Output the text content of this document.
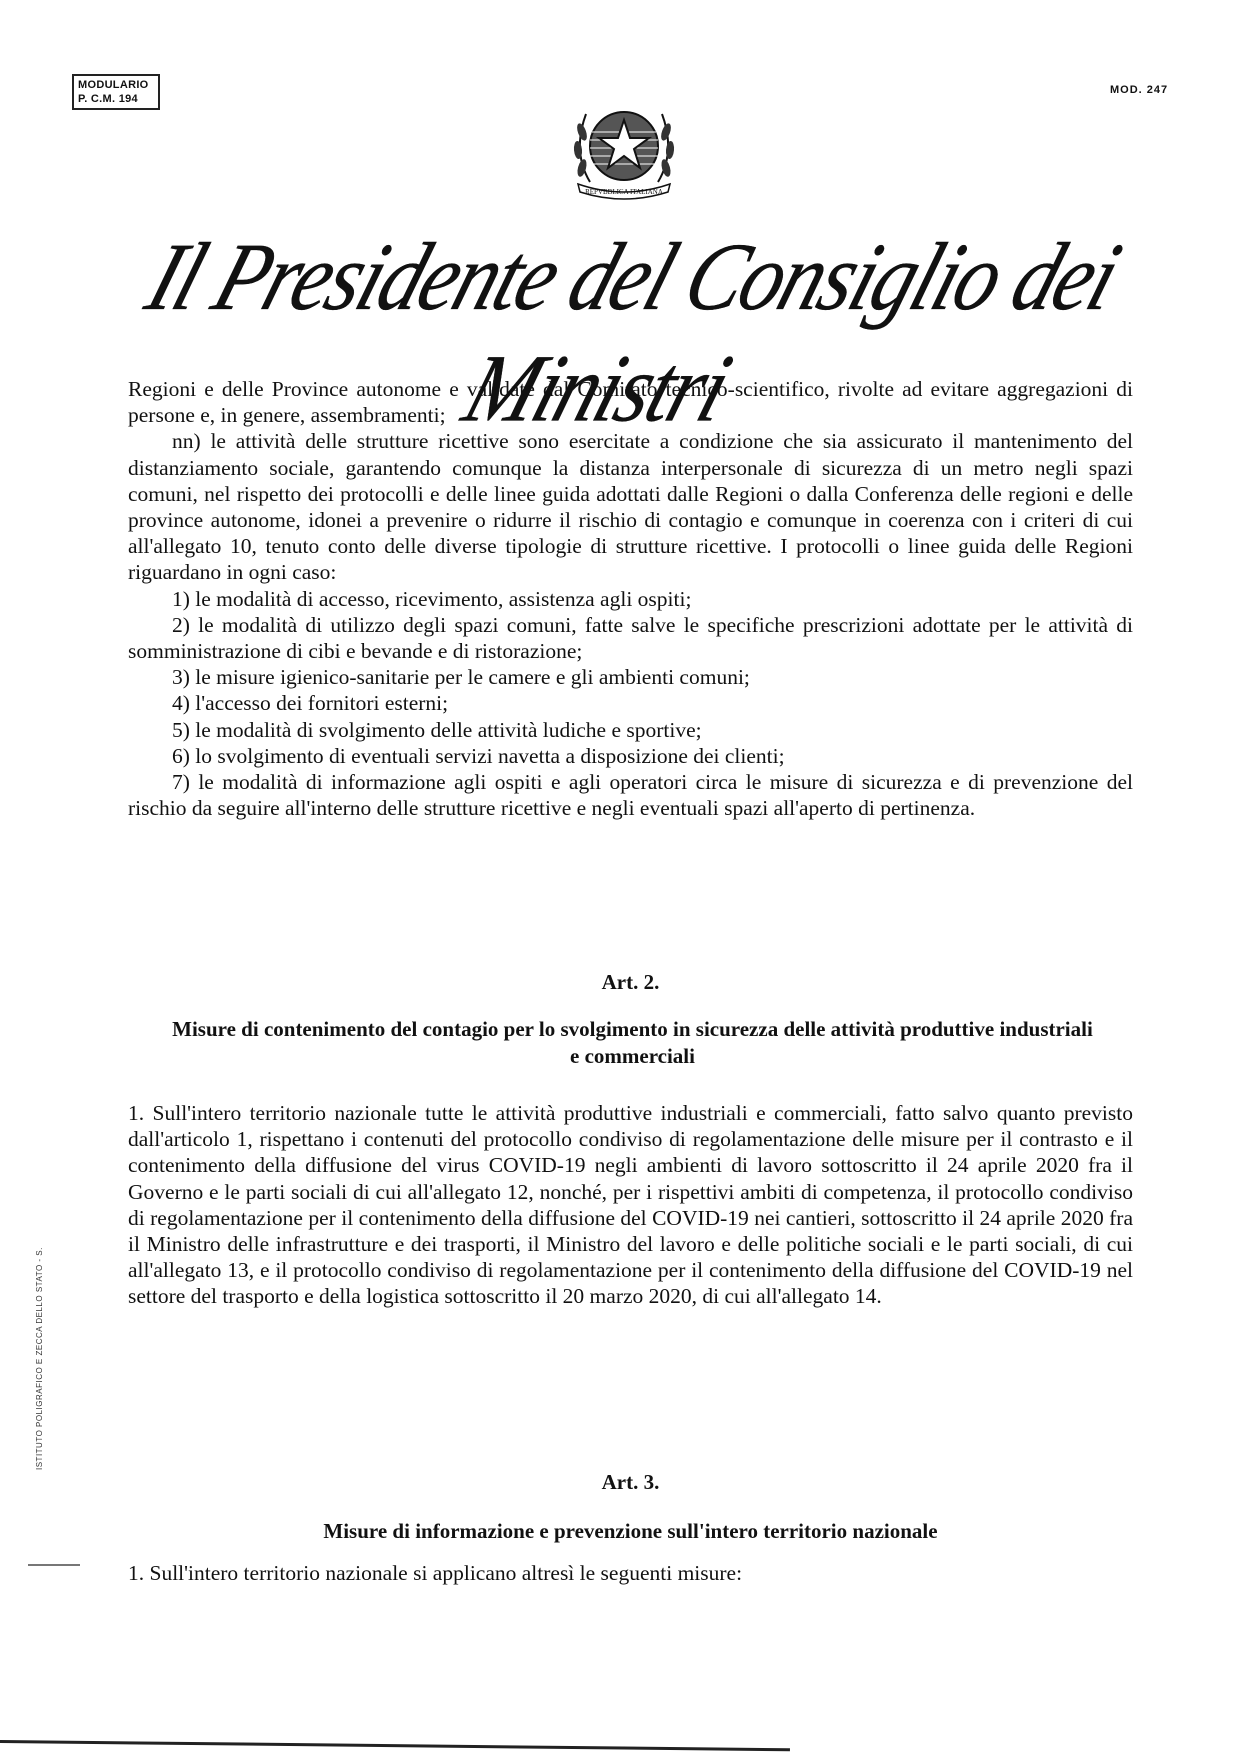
MODULARIO
P. C.M. 194
MOD. 247
REPVBBLICA ITALIANA
Il Presidente del Consiglio dei Ministri

Regioni e delle Province autonome e validate dal Comitato tecnico-scientifico, rivolte ad evitare aggregazioni di persone e, in genere, assembramenti;

nn) le attività delle strutture ricettive sono esercitate a condizione che sia assicurato il mantenimento del distanziamento sociale, garantendo comunque la distanza interpersonale di sicurezza di un metro negli spazi comuni, nel rispetto dei protocolli e delle linee guida adottati dalle Regioni o dalla Conferenza delle regioni e delle province autonome, idonei a prevenire o ridurre il rischio di contagio e comunque in coerenza con i criteri di cui all'allegato 10, tenuto conto delle diverse tipologie di strutture ricettive. I protocolli o linee guida delle Regioni riguardano in ogni caso:

1) le modalità di accesso, ricevimento, assistenza agli ospiti;

2) le modalità di utilizzo degli spazi comuni, fatte salve le specifiche prescrizioni adottate per le attività di somministrazione di cibi e bevande e di ristorazione;

3) le misure igienico-sanitarie per le camere e gli ambienti comuni;

4) l'accesso dei fornitori esterni;

5) le modalità di svolgimento delle attività ludiche e sportive;

6) lo svolgimento di eventuali servizi navetta a disposizione dei clienti;

7) le modalità di informazione agli ospiti e agli operatori circa le misure di sicurezza e di prevenzione del rischio da seguire all'interno delle strutture ricettive e negli eventuali spazi all'aperto di pertinenza.

Art. 2.
Misure di contenimento del contagio per lo svolgimento in sicurezza delle attività produttive industriali e commerciali

1. Sull'intero territorio nazionale tutte le attività produttive industriali e commerciali, fatto salvo quanto previsto dall'articolo 1, rispettano i contenuti del protocollo condiviso di regolamentazione delle misure per il contrasto e il contenimento della diffusione del virus COVID-19 negli ambienti di lavoro sottoscritto il 24 aprile 2020 fra il Governo e le parti sociali di cui all'allegato 12, nonché, per i rispettivi ambiti di competenza, il protocollo condiviso di regolamentazione per il contenimento della diffusione del COVID-19 nei cantieri, sottoscritto il 24 aprile 2020 fra il Ministro delle infrastrutture e dei trasporti, il Ministro del lavoro e delle politiche sociali e le parti sociali, di cui all'allegato 13, e il protocollo condiviso di regolamentazione per il contenimento della diffusione del COVID-19 nel settore del trasporto e della logistica sottoscritto il 20 marzo 2020, di cui all'allegato 14.

Art. 3.
Misure di informazione e prevenzione sull'intero territorio nazionale

1. Sull'intero territorio nazionale si applicano altresì le seguenti misure:

ISTITUTO POLIGRAFICO E ZECCA DELLO STATO - S.
